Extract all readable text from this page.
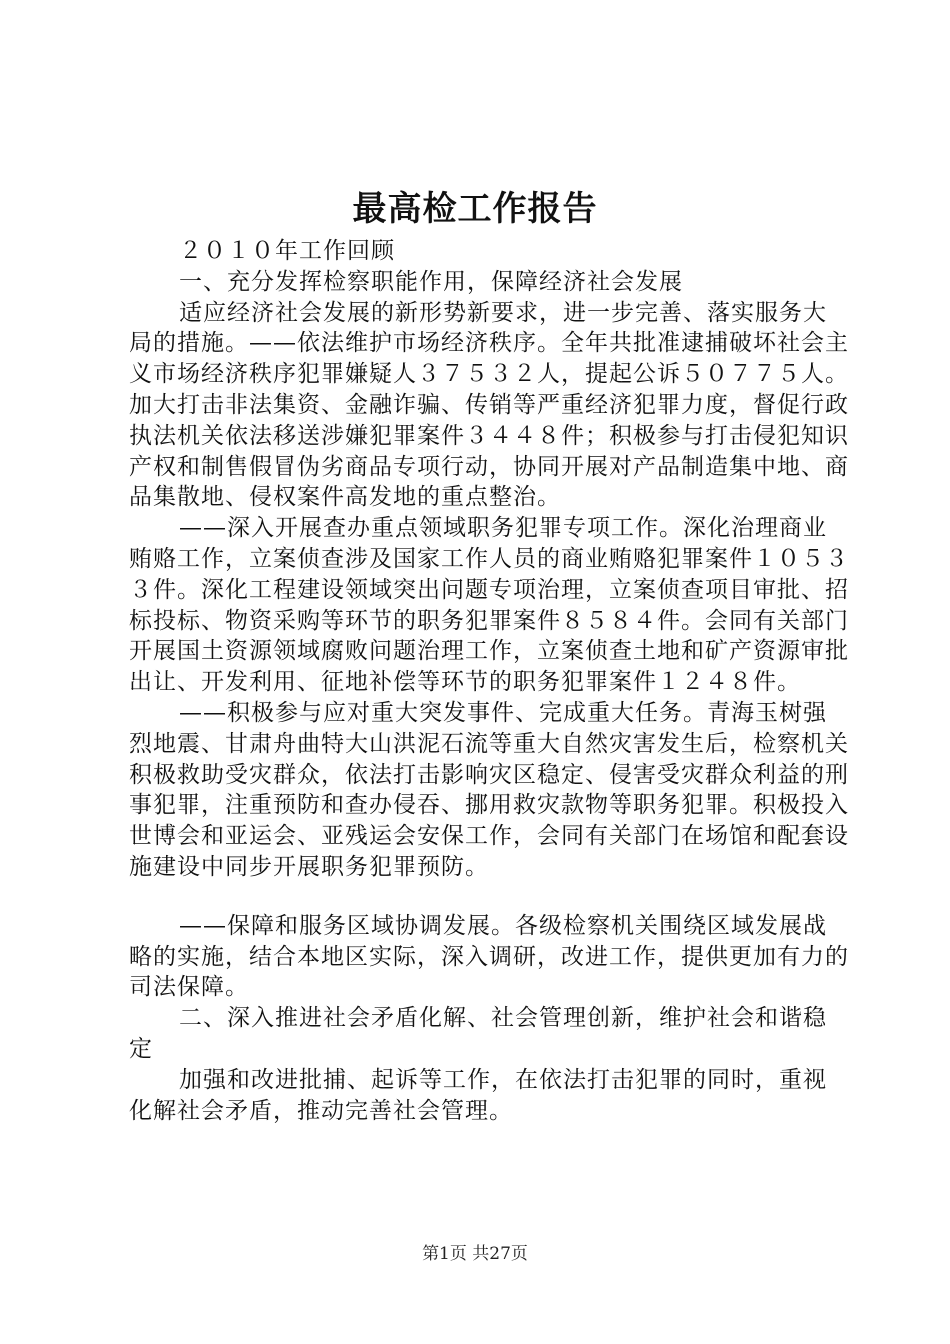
最高检工作报告

２０１０年工作回顾

一、充分发挥检察职能作用，保障经济社会发展

适应经济社会发展的新形势新要求，进一步完善、落实服务大局的措施。——依法维护市场经济秩序。全年共批准逮捕破坏社会主义市场经济秩序犯罪嫌疑人３７５３２人，提起公诉５０７７５人。加大打击非法集资、金融诈骗、传销等严重经济犯罪力度，督促行政执法机关依法移送涉嫌犯罪案件３４４８件；积极参与打击侵犯知识产权和制售假冒伪劣商品专项行动，协同开展对产品制造集中地、商品集散地、侵权案件高发地的重点整治。

——深入开展查办重点领域职务犯罪专项工作。深化治理商业贿赂工作，立案侦查涉及国家工作人员的商业贿赂犯罪案件１０５３３件。深化工程建设领域突出问题专项治理，立案侦查项目审批、招标投标、物资采购等环节的职务犯罪案件８５８４件。会同有关部门开展国土资源领域腐败问题治理工作，立案侦查土地和矿产资源审批出让、开发利用、征地补偿等环节的职务犯罪案件１２４８件。

——积极参与应对重大突发事件、完成重大任务。青海玉树强烈地震、甘肃舟曲特大山洪泥石流等重大自然灾害发生后，检察机关积极救助受灾群众，依法打击影响灾区稳定、侵害受灾群众利益的刑事犯罪，注重预防和查办侵吞、挪用救灾款物等职务犯罪。积极投入世博会和亚运会、亚残运会安保工作，会同有关部门在场馆和配套设施建设中同步开展职务犯罪预防。

——保障和服务区域协调发展。各级检察机关围绕区域发展战略的实施，结合本地区实际，深入调研，改进工作，提供更加有力的司法保障。

二、深入推进社会矛盾化解、社会管理创新，维护社会和谐稳定

加强和改进批捕、起诉等工作，在依法打击犯罪的同时，重视化解社会矛盾，推动完善社会管理。

第1页 共27页
